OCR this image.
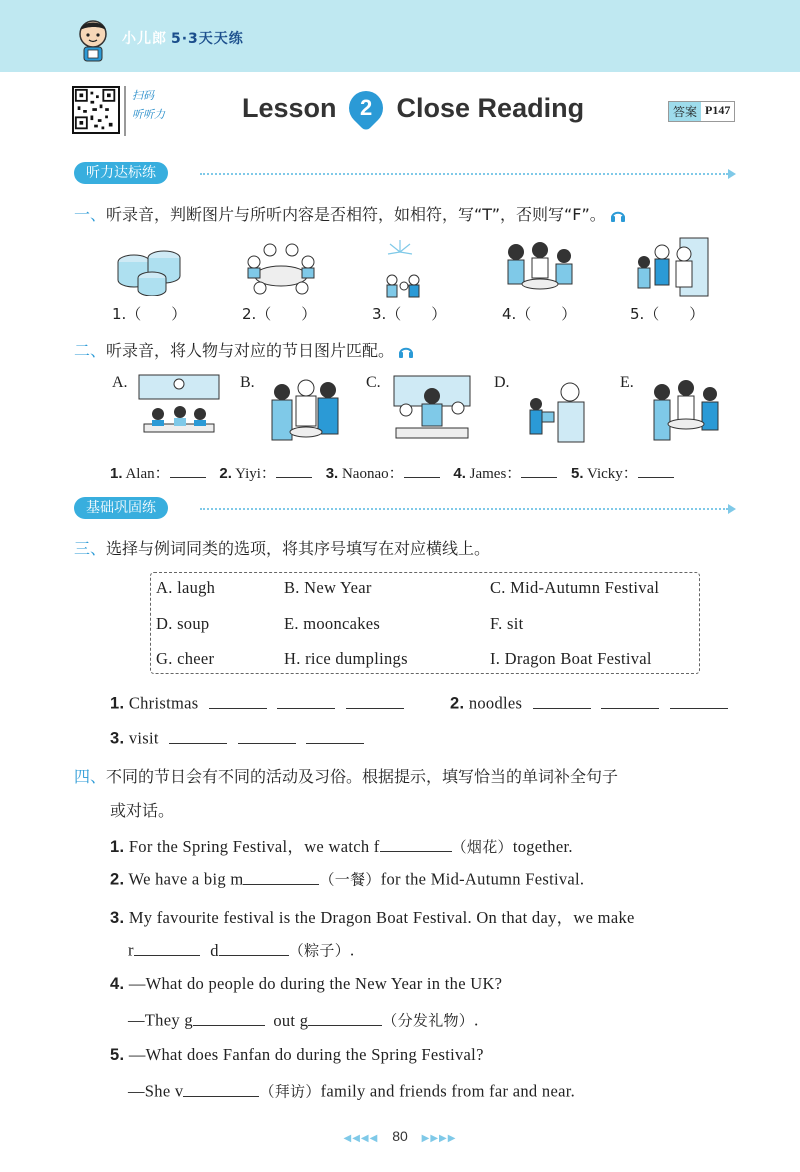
小儿郎 5·3天天练
扫码
听听力	Lesson 2 Close Reading	答案 P147
听力达标练
一、听录音，判断图片与所听内容是否相符，如相符，写“T”，否则写“F”。
1.（　　）	2.（　　）	3.（　　）	4.（　　）	5.（　　）
二、听录音，将人物与对应的节日图片匹配。
A.	B.	C.	D.	E.
1. Alan：	2. Yiyi：	3. Naonao：	4. James：	5. Vicky：
基础巩固练
三、选择与例词同类的选项，将其序号填写在对应横线上。
A. laugh	B. New Year	C. Mid-Autumn Festival
D. soup	E. mooncakes	F. sit
G. cheer	H. rice dumplings	I. Dragon Boat Festival
1. Christmas	2. noodles
3. visit
四、不同的节日会有不同的活动及习俗。根据提示，填写恰当的单词补全句子
或对话。
1. For the Spring Festival，we watch f	（烟花）together.
2. We have a big m	（一餐）for the Mid-Autumn Festival.
3. My favourite festival is the Dragon Boat Festival. On that day，we make
r	d	（粽子）.
4. —What do people do during the New Year in the UK?
—They g	out g	（分发礼物）.
5. —What does Fanfan do during the Spring Festival?
—She v	（拜访）family and friends from far and near.
◀◀◀◀ 80 ▶▶▶▶
